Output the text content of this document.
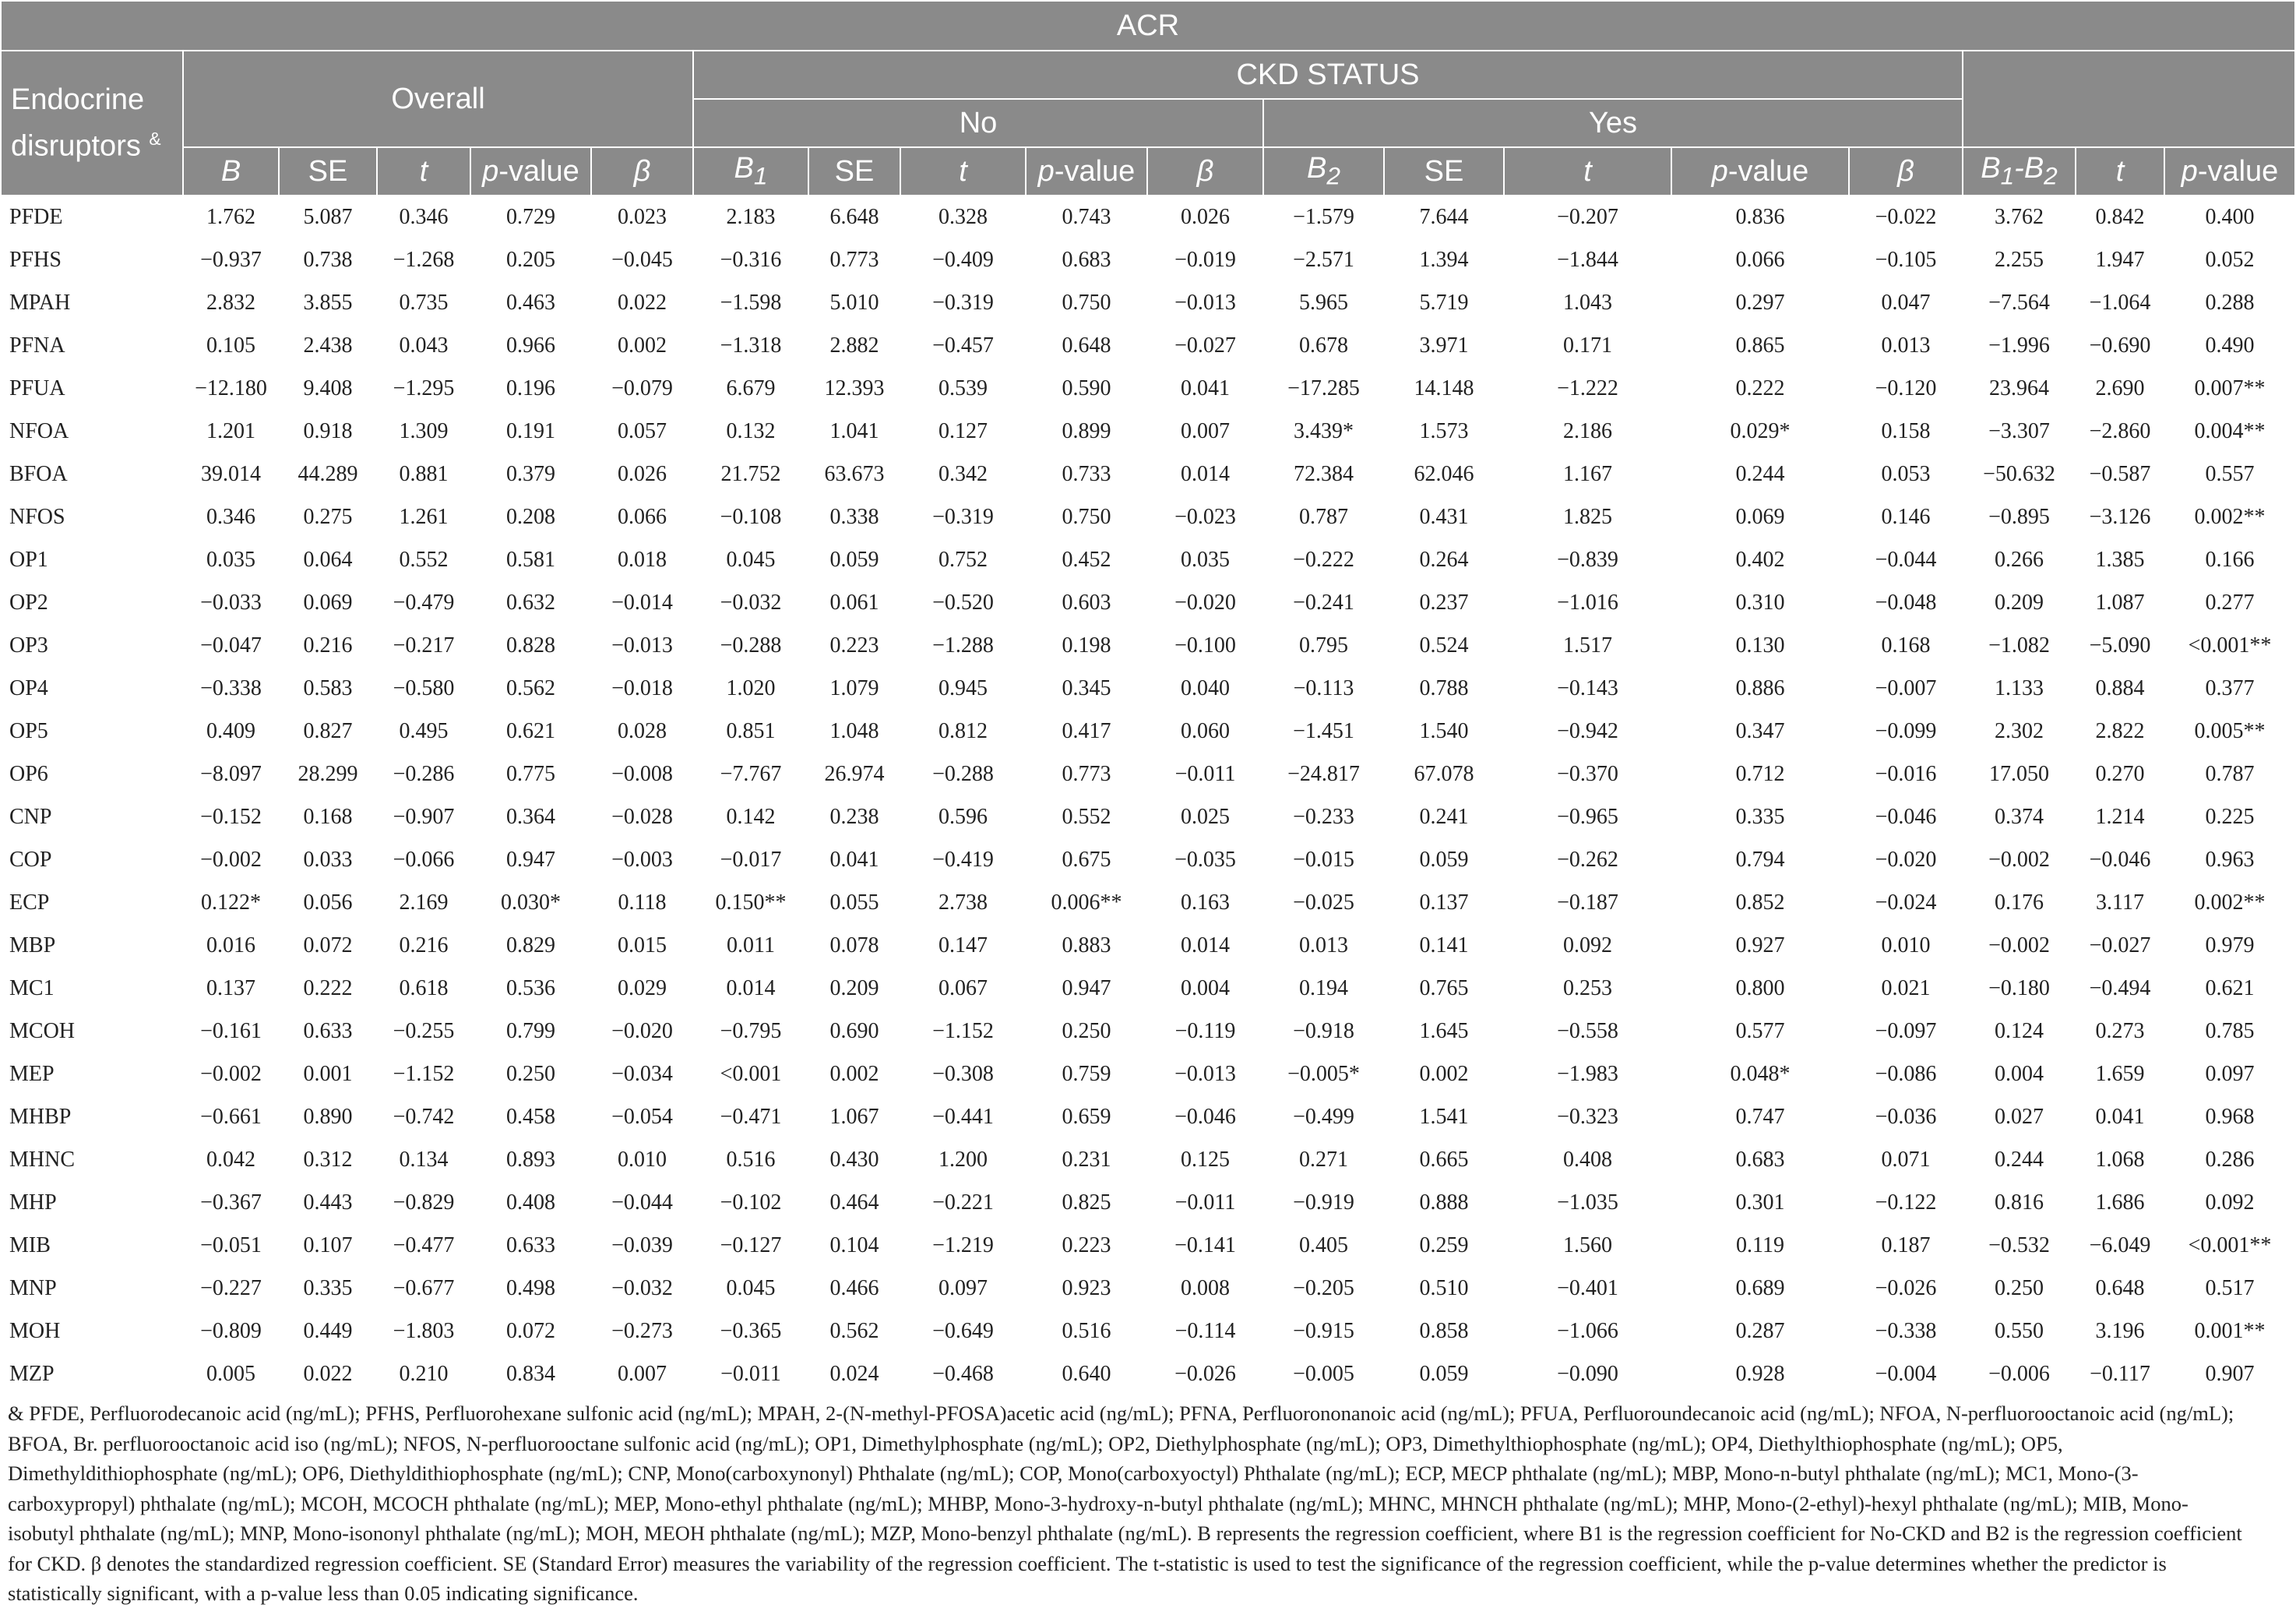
ACR																		
Endocrine disruptors &	Overall					CKD STATUS												
						No					Yes							
	B	SE	t	p-value	β	$B_1$	SE	t	p-value	β	$B_2$	SE	t	p-value	β	$B_1-B_2$	t	p-value
PFDE	1.762	5.087	0.346	0.729	0.023	2.183	6.648	0.328	0.743	0.026	−1.579	7.644	−0.207	0.836	−0.022	3.762	0.842	0.400
PFHS	−0.937	0.738	−1.268	0.205	−0.045	−0.316	0.773	−0.409	0.683	−0.019	−2.571	1.394	−1.844	0.066	−0.105	2.255	1.947	0.052
MPAH	2.832	3.855	0.735	0.463	0.022	−1.598	5.010	−0.319	0.750	−0.013	5.965	5.719	1.043	0.297	0.047	−7.564	−1.064	0.288
PFNA	0.105	2.438	0.043	0.966	0.002	−1.318	2.882	−0.457	0.648	−0.027	0.678	3.971	0.171	0.865	0.013	−1.996	−0.690	0.490
PFUA	−12.180	9.408	−1.295	0.196	−0.079	6.679	12.393	0.539	0.590	0.041	−17.285	14.148	−1.222	0.222	−0.120	23.964	2.690	0.007**
NFOA	1.201	0.918	1.309	0.191	0.057	0.132	1.041	0.127	0.899	0.007	3.439*	1.573	2.186	0.029*	0.158	−3.307	−2.860	0.004**
BFOA	39.014	44.289	0.881	0.379	0.026	21.752	63.673	0.342	0.733	0.014	72.384	62.046	1.167	0.244	0.053	−50.632	−0.587	0.557
NFOS	0.346	0.275	1.261	0.208	0.066	−0.108	0.338	−0.319	0.750	−0.023	0.787	0.431	1.825	0.069	0.146	−0.895	−3.126	0.002**
OP1	0.035	0.064	0.552	0.581	0.018	0.045	0.059	0.752	0.452	0.035	−0.222	0.264	−0.839	0.402	−0.044	0.266	1.385	0.166
OP2	−0.033	0.069	−0.479	0.632	−0.014	−0.032	0.061	−0.520	0.603	−0.020	−0.241	0.237	−1.016	0.310	−0.048	0.209	1.087	0.277
OP3	−0.047	0.216	−0.217	0.828	−0.013	−0.288	0.223	−1.288	0.198	−0.100	0.795	0.524	1.517	0.130	0.168	−1.082	−5.090	<0.001**
OP4	−0.338	0.583	−0.580	0.562	−0.018	1.020	1.079	0.945	0.345	0.040	−0.113	0.788	−0.143	0.886	−0.007	1.133	0.884	0.377
OP5	0.409	0.827	0.495	0.621	0.028	0.851	1.048	0.812	0.417	0.060	−1.451	1.540	−0.942	0.347	−0.099	2.302	2.822	0.005**
OP6	−8.097	28.299	−0.286	0.775	−0.008	−7.767	26.974	−0.288	0.773	−0.011	−24.817	67.078	−0.370	0.712	−0.016	17.050	0.270	0.787
CNP	−0.152	0.168	−0.907	0.364	−0.028	0.142	0.238	0.596	0.552	0.025	−0.233	0.241	−0.965	0.335	−0.046	0.374	1.214	0.225
COP	−0.002	0.033	−0.066	0.947	−0.003	−0.017	0.041	−0.419	0.675	−0.035	−0.015	0.059	−0.262	0.794	−0.020	−0.002	−0.046	0.963
ECP	0.122*	0.056	2.169	0.030*	0.118	0.150**	0.055	2.738	0.006**	0.163	−0.025	0.137	−0.187	0.852	−0.024	0.176	3.117	0.002**
MBP	0.016	0.072	0.216	0.829	0.015	0.011	0.078	0.147	0.883	0.014	0.013	0.141	0.092	0.927	0.010	−0.002	−0.027	0.979
MC1	0.137	0.222	0.618	0.536	0.029	0.014	0.209	0.067	0.947	0.004	0.194	0.765	0.253	0.800	0.021	−0.180	−0.494	0.621
MCOH	−0.161	0.633	−0.255	0.799	−0.020	−0.795	0.690	−1.152	0.250	−0.119	−0.918	1.645	−0.558	0.577	−0.097	0.124	0.273	0.785
MEP	−0.002	0.001	−1.152	0.250	−0.034	<0.001	0.002	−0.308	0.759	−0.013	−0.005*	0.002	−1.983	0.048*	−0.086	0.004	1.659	0.097
MHBP	−0.661	0.890	−0.742	0.458	−0.054	−0.471	1.067	−0.441	0.659	−0.046	−0.499	1.541	−0.323	0.747	−0.036	0.027	0.041	0.968
MHNC	0.042	0.312	0.134	0.893	0.010	0.516	0.430	1.200	0.231	0.125	0.271	0.665	0.408	0.683	0.071	0.244	1.068	0.286
MHP	−0.367	0.443	−0.829	0.408	−0.044	−0.102	0.464	−0.221	0.825	−0.011	−0.919	0.888	−1.035	0.301	−0.122	0.816	1.686	0.092
MIB	−0.051	0.107	−0.477	0.633	−0.039	−0.127	0.104	−1.219	0.223	−0.141	0.405	0.259	1.560	0.119	0.187	−0.532	−6.049	<0.001**
MNP	−0.227	0.335	−0.677	0.498	−0.032	0.045	0.466	0.097	0.923	0.008	−0.205	0.510	−0.401	0.689	−0.026	0.250	0.648	0.517
MOH	−0.809	0.449	−1.803	0.072	−0.273	−0.365	0.562	−0.649	0.516	−0.114	−0.915	0.858	−1.066	0.287	−0.338	0.550	3.196	0.001**
MZP	0.005	0.022	0.210	0.834	0.007	−0.011	0.024	−0.468	0.640	−0.026	−0.005	0.059	−0.090	0.928	−0.004	−0.006	−0.117	0.907
& PFDE, Perfluorodecanoic acid (ng/mL); PFHS, Perfluorohexane sulfonic acid (ng/mL); MPAH, 2-(N-methyl-PFOSA)acetic acid (ng/mL); PFNA, Perfluorononanoic acid (ng/mL); PFUA, Perfluoroundecanoic acid (ng/mL); NFOA, N-perfluorooctanoic acid (ng/mL); BFOA, Br. perfluorooctanoic acid iso (ng/mL); NFOS, N-perfluorooctane sulfonic acid (ng/mL); OP1, Dimethylphosphate (ng/mL); OP2, Diethylphosphate (ng/mL); OP3, Dimethylthiophosphate (ng/mL); OP4, Diethylthiophosphate (ng/mL); OP5, Dimethyldithiophosphate (ng/mL); OP6, Diethyldithiophosphate (ng/mL); CNP, Mono(carboxynonyl) Phthalate (ng/mL); COP, Mono(carboxyoctyl) Phthalate (ng/mL); ECP, MECP phthalate (ng/mL); MBP, Mono-n-butyl phthalate (ng/mL); MC1, Mono-(3-carboxypropyl) phthalate (ng/mL); MCOH, MCOCH phthalate (ng/mL); MEP, Mono-ethyl phthalate (ng/mL); MHBP, Mono-3-hydroxy-n-butyl phthalate (ng/mL); MHNC, MHNCH phthalate (ng/mL); MHP, Mono-(2-ethyl)-hexyl phthalate (ng/mL); MIB, Mono-isobutyl phthalate (ng/mL); MNP, Mono-isononyl phthalate (ng/mL); MOH, MEOH phthalate (ng/mL); MZP, Mono-benzyl phthalate (ng/mL). B represents the regression coefficient, where B1 is the regression coefficient for No-CKD and B2 is the regression coefficient for CKD. β denotes the standardized regression coefficient. SE (Standard Error) measures the variability of the regression coefficient. The t-statistic is used to test the significance of the regression coefficient, while the p-value determines whether the predictor is statistically significant, with a p-value less than 0.05 indicating significance.
